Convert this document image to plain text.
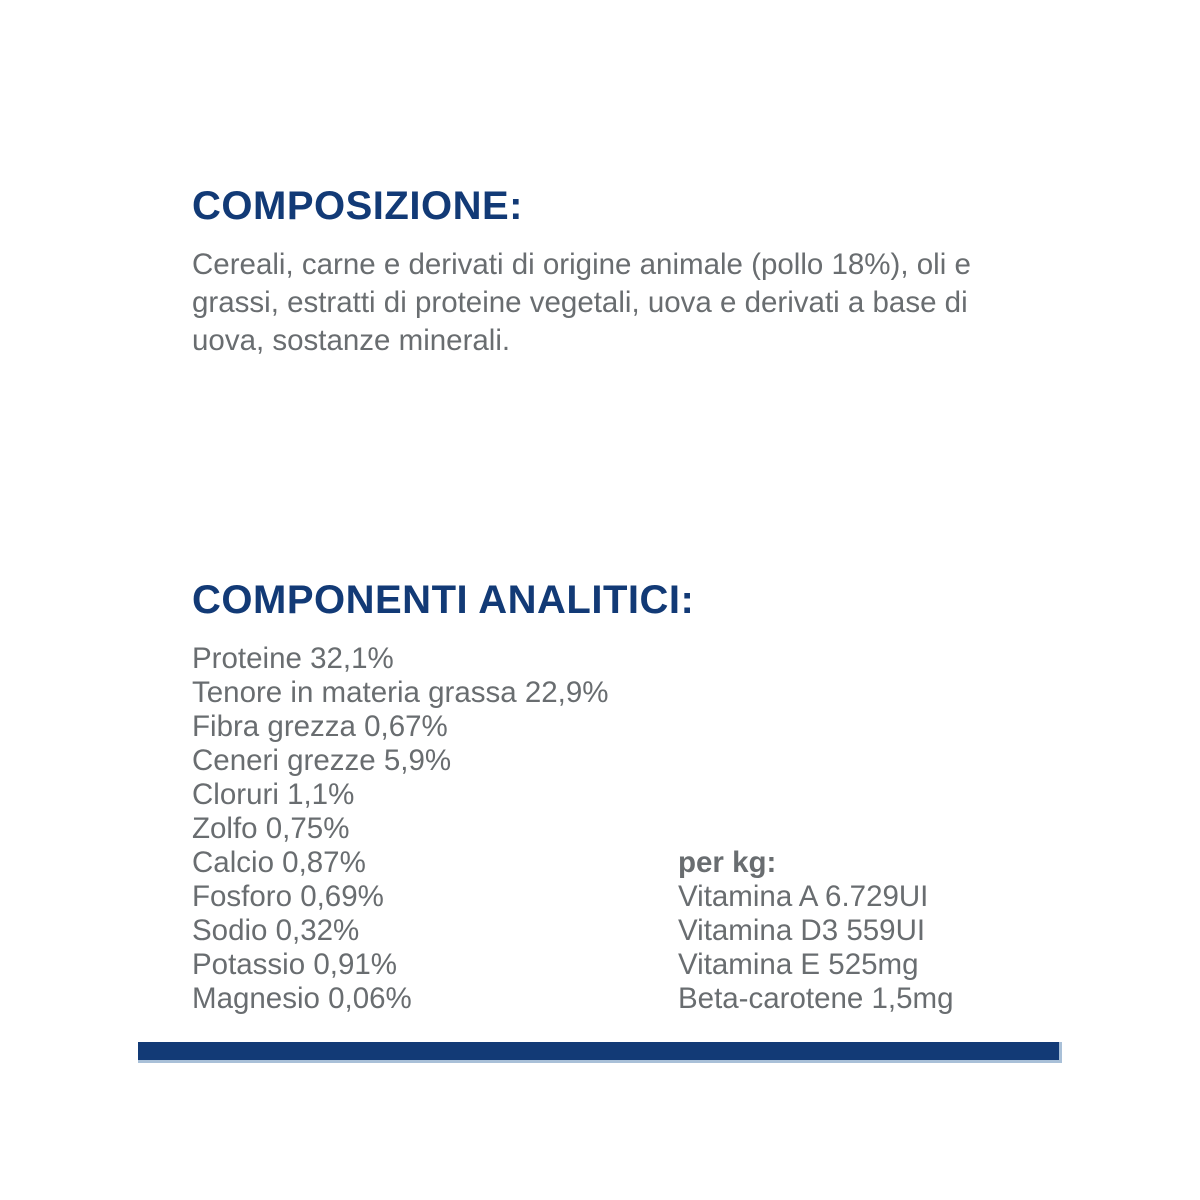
COMPOSIZIONE:

Cereali, carne e derivati di origine animale (pollo 18%), oli e grassi, estratti di proteine vegetali, uova e derivati a base di uova, sostanze minerali.

COMPONENTI ANALITICI:
Proteine 32,1%
Tenore in materia grassa 22,9%
Fibra grezza 0,67%
Ceneri grezze 5,9%
Cloruri 1,1%
Zolfo 0,75%
Calcio 0,87%
Fosforo 0,69%
Sodio 0,32%
Potassio 0,91%
Magnesio 0,06%
per kg:
Vitamina A 6.729UI
Vitamina D3 559UI
Vitamina E 525mg
Beta-carotene 1,5mg
